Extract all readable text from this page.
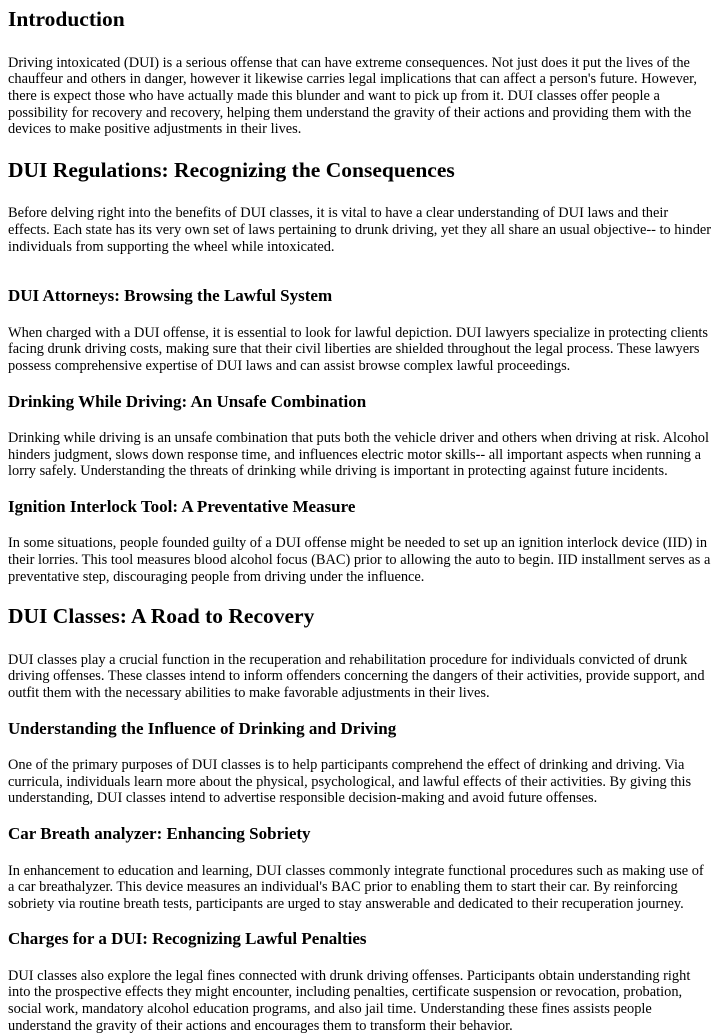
Introduction

Driving intoxicated (DUI) is a serious offense that can have extreme consequences. Not just does it put the lives of the chauffeur and others in danger, however it likewise carries legal implications that can affect a person's future. However, there is expect those who have actually made this blunder and want to pick up from it. DUI classes offer people a possibility for recovery and recovery, helping them understand the gravity of their actions and providing them with the devices to make positive adjustments in their lives.

DUI Regulations: Recognizing the Consequences

Before delving right into the benefits of DUI classes, it is vital to have a clear understanding of DUI laws and their effects. Each state has its very own set of laws pertaining to drunk driving, yet they all share an usual objective-- to hinder individuals from supporting the wheel while intoxicated.

DUI Attorneys: Browsing the Lawful System

When charged with a DUI offense, it is essential to look for lawful depiction. DUI lawyers specialize in protecting clients facing drunk driving costs, making sure that their civil liberties are shielded throughout the legal process. These lawyers possess comprehensive expertise of DUI laws and can assist browse complex lawful proceedings.

Drinking While Driving: An Unsafe Combination

Drinking while driving is an unsafe combination that puts both the vehicle driver and others when driving at risk. Alcohol hinders judgment, slows down response time, and influences electric motor skills-- all important aspects when running a lorry safely. Understanding the threats of drinking while driving is important in protecting against future incidents.

Ignition Interlock Tool: A Preventative Measure

In some situations, people founded guilty of a DUI offense might be needed to set up an ignition interlock device (IID) in their lorries. This tool measures blood alcohol focus (BAC) prior to allowing the auto to begin. IID installment serves as a preventative step, discouraging people from driving under the influence.

DUI Classes: A Road to Recovery

DUI classes play a crucial function in the recuperation and rehabilitation procedure for individuals convicted of drunk driving offenses. These classes intend to inform offenders concerning the dangers of their activities, provide support, and outfit them with the necessary abilities to make favorable adjustments in their lives.

Understanding the Influence of Drinking and Driving

One of the primary purposes of DUI classes is to help participants comprehend the effect of drinking and driving. Via curricula, individuals learn more about the physical, psychological, and lawful effects of their activities. By giving this understanding, DUI classes intend to advertise responsible decision-making and avoid future offenses.

Car Breath analyzer: Enhancing Sobriety

In enhancement to education and learning, DUI classes commonly integrate functional procedures such as making use of a car breathalyzer. This device measures an individual's BAC prior to enabling them to start their car. By reinforcing sobriety via routine breath tests, participants are urged to stay answerable and dedicated to their recuperation journey.

Charges for a DUI: Recognizing Lawful Penalties

DUI classes also explore the legal fines connected with drunk driving offenses. Participants obtain understanding right into the prospective effects they might encounter, including penalties, certificate suspension or revocation, probation, social work, mandatory alcohol education programs, and also jail time. Understanding these fines assists people understand the gravity of their actions and encourages them to transform their behavior.
